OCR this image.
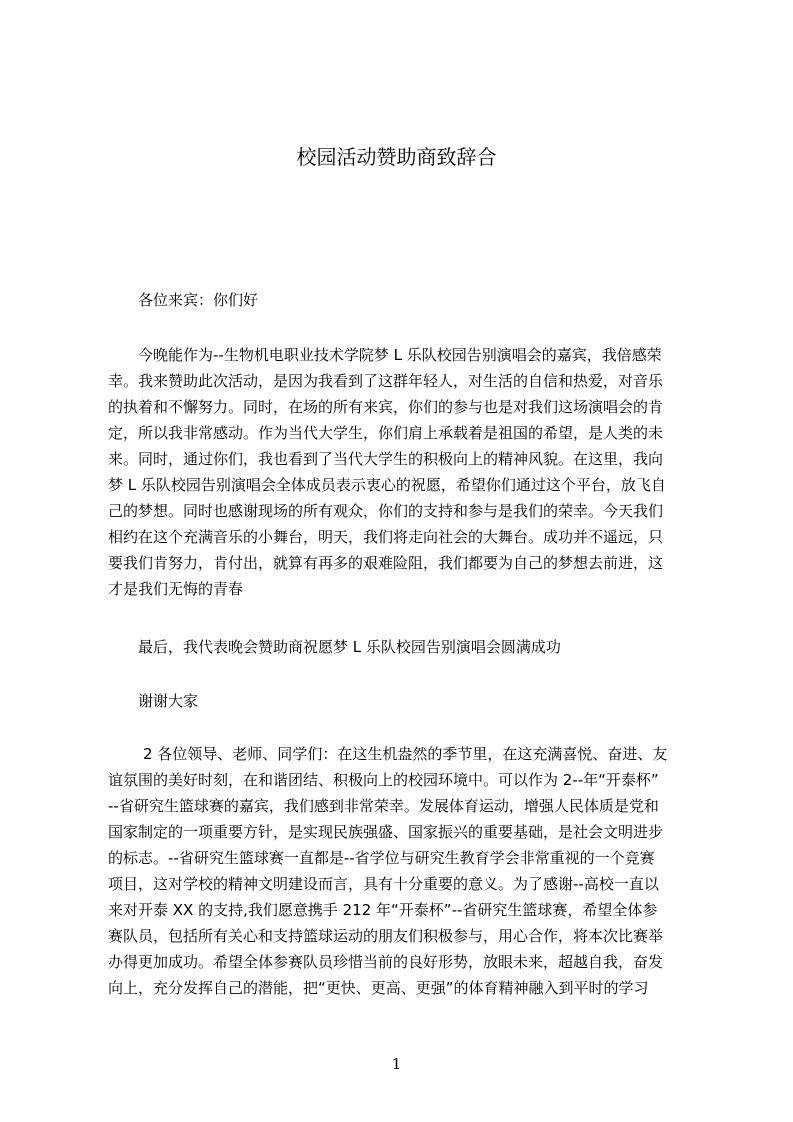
校园活动赞助商致辞合

各位来宾：你们好

　　今晚能作为--生物机电职业技术学院梦 L 乐队校园告别演唱会的嘉宾，我倍感荣
幸。我来赞助此次活动，是因为我看到了这群年轻人，对生活的自信和热爱，对音乐
的执着和不懈努力。同时，在场的所有来宾，你们的参与也是对我们这场演唱会的肯
定，所以我非常感动。作为当代大学生，你们肩上承载着是祖国的希望，是人类的未
来。同时，通过你们，我也看到了当代大学生的积极向上的精神风貌。在这里，我向
梦 L 乐队校园告别演唱会全体成员表示衷心的祝愿，希望你们通过这个平台，放飞自
己的梦想。同时也感谢现场的所有观众，你们的支持和参与是我们的荣幸。今天我们
相约在这个充满音乐的小舞台，明天，我们将走向社会的大舞台。成功并不遥远，只
要我们肯努力，肯付出，就算有再多的艰难险阻，我们都要为自己的梦想去前进，这
才是我们无悔的青春

最后，我代表晚会赞助商祝愿梦 L 乐队校园告别演唱会圆满成功

谢谢大家

　2 各位领导、老师、同学们：在这生机盎然的季节里，在这充满喜悦、奋进、友
谊氛围的美好时刻，在和谐团结、积极向上的校园环境中。可以作为 2--年“开泰杯”
--省研究生篮球赛的嘉宾，我们感到非常荣幸。发展体育运动，增强人民体质是党和
国家制定的一项重要方针，是实现民族强盛、国家振兴的重要基础，是社会文明进步
的标志。--省研究生篮球赛一直都是--省学位与研究生教育学会非常重视的一个竞赛
项目，这对学校的精神文明建设而言，具有十分重要的意义。为了感谢--高校一直以
来对开泰 XX 的支持,我们愿意携手 212 年“开泰杯”--省研究生篮球赛，希望全体参
赛队员，包括所有关心和支持篮球运动的朋友们积极参与，用心合作，将本次比赛举
办得更加成功。希望全体参赛队员珍惜当前的良好形势，放眼未来，超越自我，奋发
向上，充分发挥自己的潜能，把“更快、更高、更强”的体育精神融入到平时的学习
1
